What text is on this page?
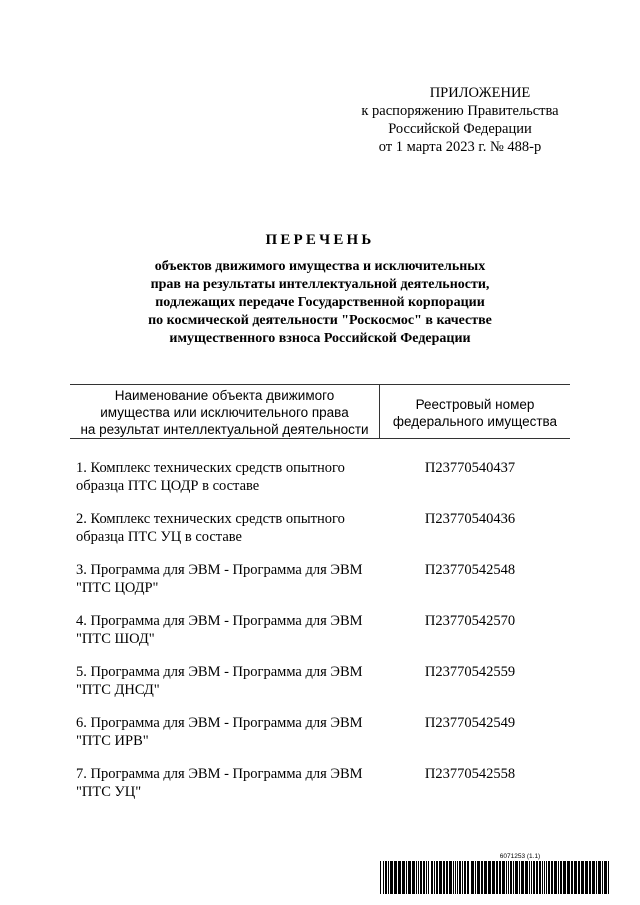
ПРИЛОЖЕНИЕ
к распоряжению Правительства
Российской Федерации
от 1 марта 2023 г. № 488-р
ПЕРЕЧЕНЬ
объектов движимого имущества и исключительных
прав на результаты интеллектуальной деятельности,
подлежащих передаче Государственной корпорации
по космической деятельности "Роскосмос" в качестве
имущественного взноса Российской Федерации
Наименование объекта движимого
имущества или исключительного права
на результат интеллектуальной деятельности
Реестровый номер
федерального имущества
1. Комплекс технических средств опытного
образца ПТС ЦОДР в составе
П23770540437
2. Комплекс технических средств опытного
образца ПТС УЦ в составе
П23770540436
3. Программа для ЭВМ - Программа для ЭВМ
"ПТС ЦОДР"
П23770542548
4. Программа для ЭВМ - Программа для ЭВМ
"ПТС ШОД"
П23770542570
5. Программа для ЭВМ - Программа для ЭВМ
"ПТС ДНСД"
П23770542559
6. Программа для ЭВМ - Программа для ЭВМ
"ПТС ИРВ"
П23770542549
7. Программа для ЭВМ - Программа для ЭВМ
"ПТС УЦ"
П23770542558
6071253 (1.1)
